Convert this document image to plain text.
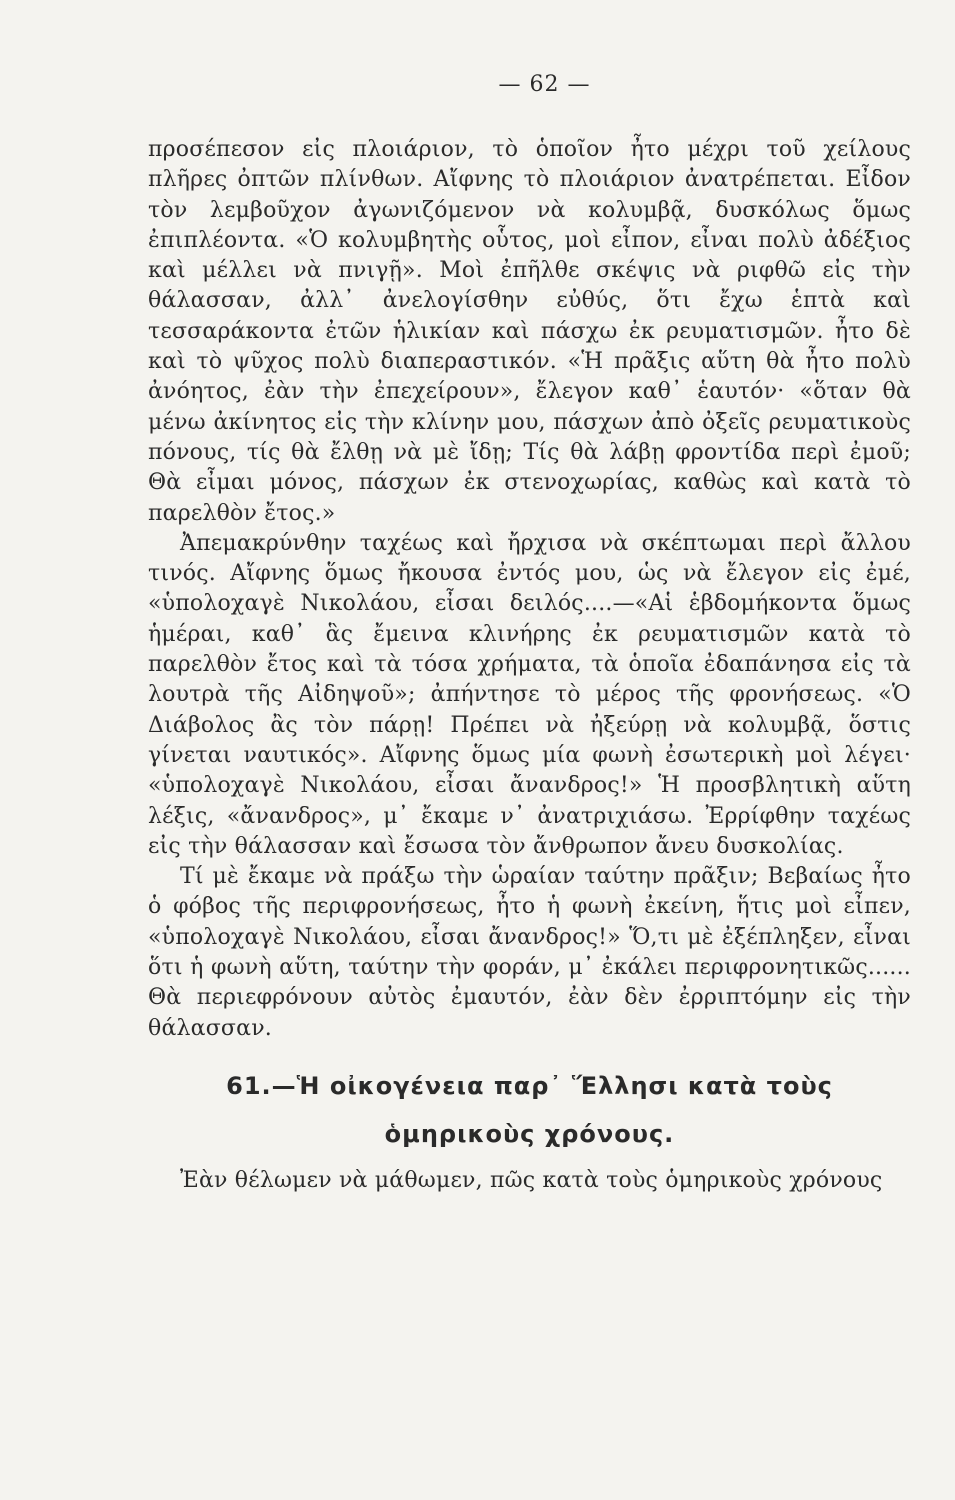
— 62 —

προσέπεσον εἰς πλοιάριον, τὸ ὁποῖον ἦτο μέχρι τοῦ χείλους πλῆρες ὀπτῶν πλίνθων. Αἴφνης τὸ πλοιάριον ἀνατρέπεται. Εἶδον τὸν λεμβοῦχον ἀγωνιζόμενον νὰ κολυμβᾷ, δυσκόλως ὅμως ἐπιπλέοντα. «Ὁ κολυμβητὴς οὗτος, μοὶ εἶπον, εἶναι πολὺ ἀδέξιος καὶ μέλλει νὰ πνιγῇ». Μοὶ ἐπῆλθε σκέψις νὰ ριφθῶ εἰς τὴν θάλασσαν, ἀλλ᾽ ἀνελογίσθην εὐθύς, ὅτι ἔχω ἑπτὰ καὶ τεσσαράκοντα ἐτῶν ἡλικίαν καὶ πάσχω ἐκ ρευματισμῶν. ἦτο δὲ καὶ τὸ ψῦχος πολὺ διαπεραστικόν. «Ἡ πρᾶξις αὕτη θὰ ἦτο πολὺ ἀνόητος, ἐὰν τὴν ἐπεχείρουν», ἔλεγον καθ᾽ ἑαυτόν· «ὅταν θὰ μένω ἀκίνητος εἰς τὴν κλίνην μου, πάσχων ἀπὸ ὀξεῖς ρευματικοὺς πόνους, τίς θὰ ἔλθῃ νὰ μὲ ἴδῃ; Τίς θὰ λάβῃ φροντίδα περὶ ἐμοῦ; Θὰ εἶμαι μόνος, πάσχων ἐκ στενοχωρίας, καθὼς καὶ κατὰ τὸ παρελθὸν ἔτος.»

Ἀπεμακρύνθην ταχέως καὶ ἤρχισα νὰ σκέπτωμαι περὶ ἄλλου τινός. Αἴφνης ὅμως ἤκουσα ἐντός μου, ὡς νὰ ἔλεγον εἰς ἐμέ, «ὑπολοχαγὲ Νικολάου, εἶσαι δειλός....—«Αἱ ἑβδομήκοντα ὅμως ἡμέραι, καθ᾽ ἃς ἔμεινα κλινήρης ἐκ ρευματισμῶν κατὰ τὸ παρελθὸν ἔτος καὶ τὰ τόσα χρήματα, τὰ ὁποῖα ἐδαπάνησα εἰς τὰ λουτρὰ τῆς Αἰδηψοῦ»; ἀπήντησε τὸ μέρος τῆς φρονήσεως. «Ὁ Διάβολος ἂς τὸν πάρῃ! Πρέπει νὰ ἠξεύρῃ νὰ κολυμβᾷ, ὅστις γίνεται ναυτικός». Αἴφνης ὅμως μία φωνὴ ἐσωτερικὴ μοὶ λέγει· «ὑπολοχαγὲ Νικολάου, εἶσαι ἄνανδρος!» Ἡ προσβλητικὴ αὕτη λέξις, «ἄνανδρος», μ᾽ ἔκαμε ν᾽ ἀνατριχιάσω. Ἐρρίφθην ταχέως εἰς τὴν θάλασσαν καὶ ἔσωσα τὸν ἄνθρωπον ἄνευ δυσκολίας.

Τί μὲ ἔκαμε νὰ πράξω τὴν ὡραίαν ταύτην πρᾶξιν; Βεβαίως ἦτο ὁ φόβος τῆς περιφρονήσεως, ἦτο ἡ φωνὴ ἐκείνη, ἥτις μοὶ εἶπεν, «ὑπολοχαγὲ Νικολάου, εἶσαι ἄνανδρος!» Ὅ,τι μὲ ἐξέπληξεν, εἶναι ὅτι ἡ φωνὴ αὕτη, ταύτην τὴν φοράν, μ᾽ ἐκάλει περιφρονητικῶς...... Θὰ περιεφρόνουν αὐτὸς ἐμαυτόν, ἐὰν δὲν ἐρριπτόμην εἰς τὴν θάλασσαν.

61.—Ἡ οἰκογένεια παρ᾽ Ἕλλησι κατὰ τοὺς
ὁμηρικοὺς χρόνους.

Ἐὰν θέλωμεν νὰ μάθωμεν, πῶς κατὰ τοὺς ὁμηρικοὺς χρόνους
